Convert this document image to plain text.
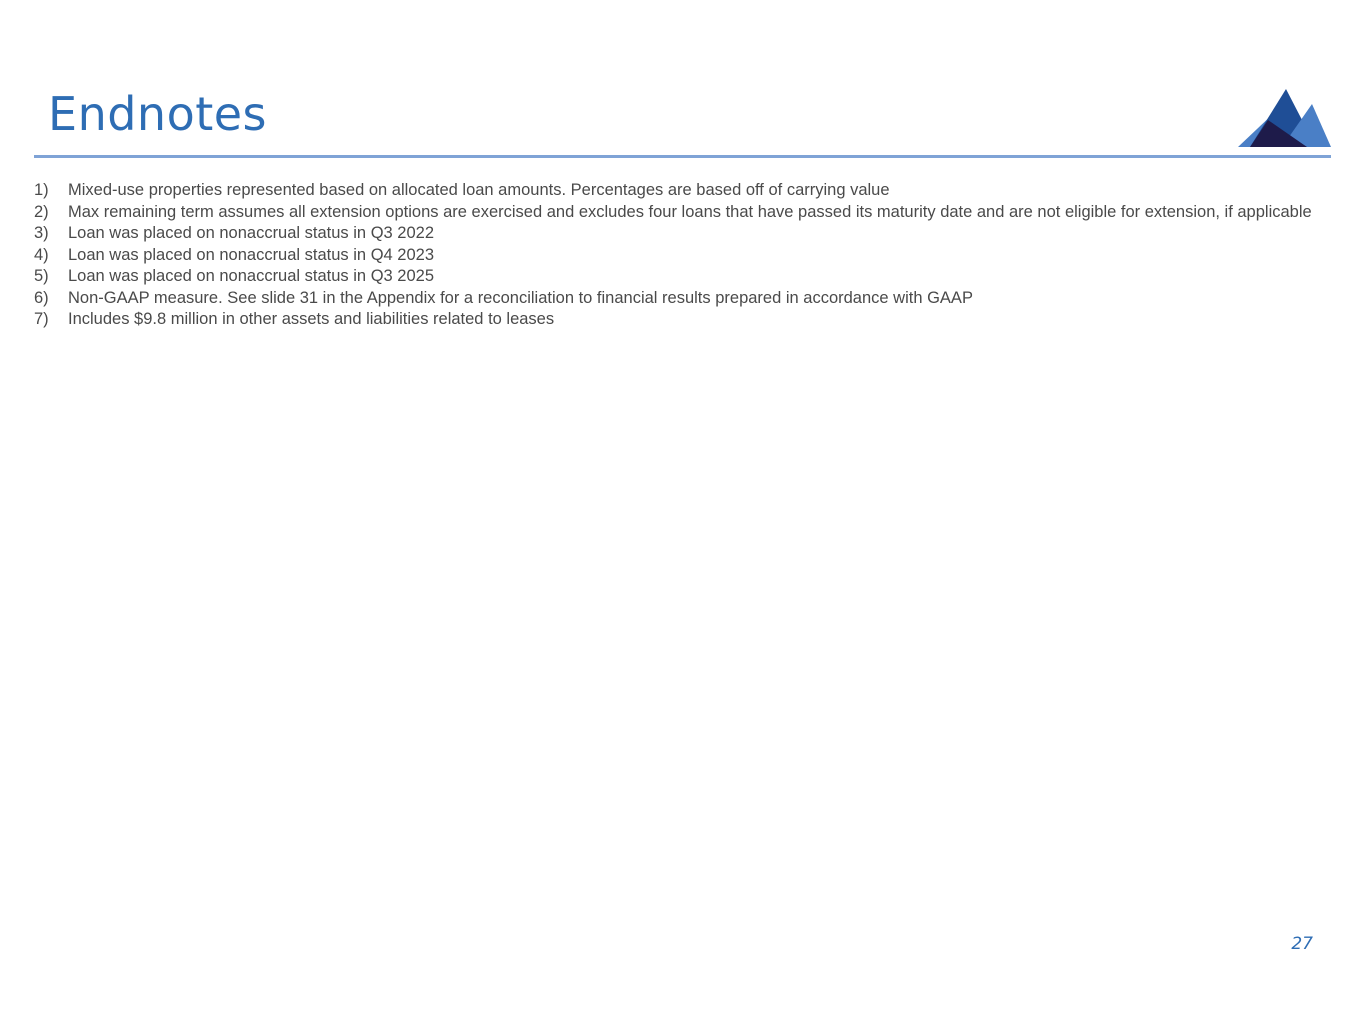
Endnotes
1)	Mixed-use properties represented based on allocated loan amounts. Percentages are based off of carrying value
2)	Max remaining term assumes all extension options are exercised and excludes four loans that have passed its maturity date and are not eligible for extension, if applicable
3)	Loan was placed on nonaccrual status in Q3 2022
4)	Loan was placed on nonaccrual status in Q4 2023
5)	Loan was placed on nonaccrual status in Q3 2025
6)	Non-GAAP measure. See slide 31 in the Appendix for a reconciliation to financial results prepared in accordance with GAAP
7)	Includes $9.8 million in other assets and liabilities related to leases
27
